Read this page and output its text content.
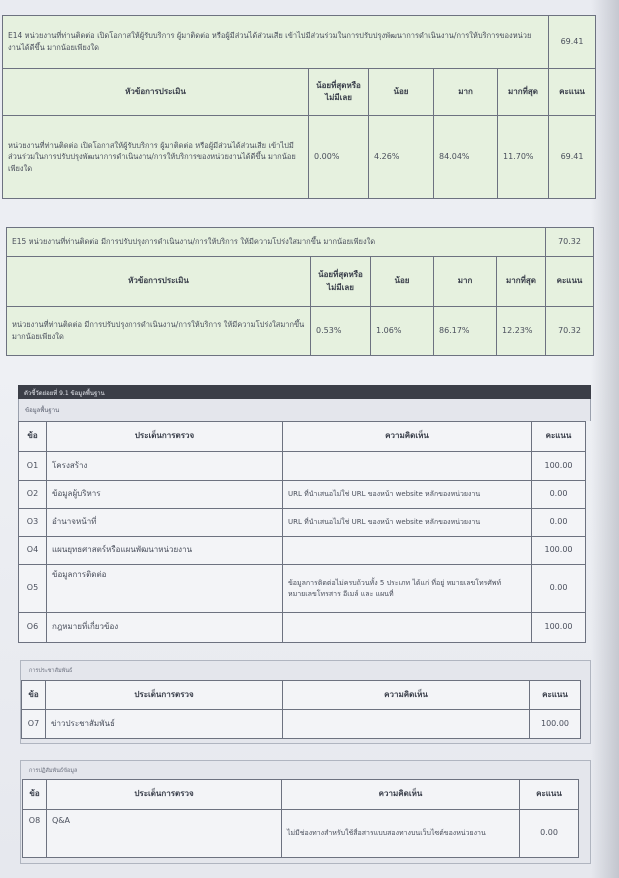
E14 หน่วยงานที่ท่านติดต่อ เปิดโอกาสให้ผู้รับบริการ ผู้มาติดต่อ หรือผู้มีส่วนได้ส่วนเสีย เข้าไปมีส่วนร่วมในการปรับปรุงพัฒนาการดำเนินงาน/การให้บริการของหน่วยงานได้ดีขึ้น มากน้อยเพียงใด					69.41
หัวข้อการประเมิน	น้อยที่สุดหรือไม่มีเลย	น้อย	มาก	มากที่สุด	คะแนน
หน่วยงานที่ท่านติดต่อ เปิดโอกาสให้ผู้รับบริการ ผู้มาติดต่อ หรือผู้มีส่วนได้ส่วนเสีย เข้าไปมีส่วนร่วมในการปรับปรุงพัฒนาการดำเนินงาน/การให้บริการของหน่วยงานได้ดีขึ้น มากน้อยเพียงใด	0.00%	4.26%	84.04%	11.70%	69.41
E15 หน่วยงานที่ท่านติดต่อ มีการปรับปรุงการดำเนินงาน/การให้บริการ ให้มีความโปร่งใสมากขึ้น มากน้อยเพียงใด					70.32
หัวข้อการประเมิน	น้อยที่สุดหรือไม่มีเลย	น้อย	มาก	มากที่สุด	คะแนน
หน่วยงานที่ท่านติดต่อ มีการปรับปรุงการดำเนินงาน/การให้บริการ ให้มีความโปร่งใสมากขึ้น มากน้อยเพียงใด	0.53%	1.06%	86.17%	12.23%	70.32
ตัวชี้วัดย่อยที่ 9.1 ข้อมูลพื้นฐาน
ข้อมูลพื้นฐาน
ข้อ	ประเด็นการตรวจ	ความคิดเห็น	คะแนน
O1	โครงสร้าง		100.00
O2	ข้อมูลผู้บริหาร	URL ที่นำเสนอไม่ใช่ URL ของหน้า website หลักของหน่วยงาน	0.00
O3	อำนาจหน้าที่	URL ที่นำเสนอไม่ใช่ URL ของหน้า website หลักของหน่วยงาน	0.00
O4	แผนยุทธศาสตร์หรือแผนพัฒนาหน่วยงาน		100.00
O5	ข้อมูลการติดต่อ	ข้อมูลการติดต่อไม่ครบถ้วนทั้ง 5 ประเภท ได้แก่ ที่อยู่ หมายเลขโทรศัพท์ หมายเลขโทรสาร อีเมล์ และ แผนที่	0.00
O6	กฎหมายที่เกี่ยวข้อง		100.00
การประชาสัมพันธ์
ข้อ	ประเด็นการตรวจ	ความคิดเห็น	คะแนน
O7	ข่าวประชาสัมพันธ์		100.00
การปฏิสัมพันธ์ข้อมูล
ข้อ	ประเด็นการตรวจ	ความคิดเห็น	คะแนน
O8	Q&A	ไม่มีช่องทางสำหรับใช้สื่อสารแบบสองทางบนเว็บไซต์ของหน่วยงาน	0.00
